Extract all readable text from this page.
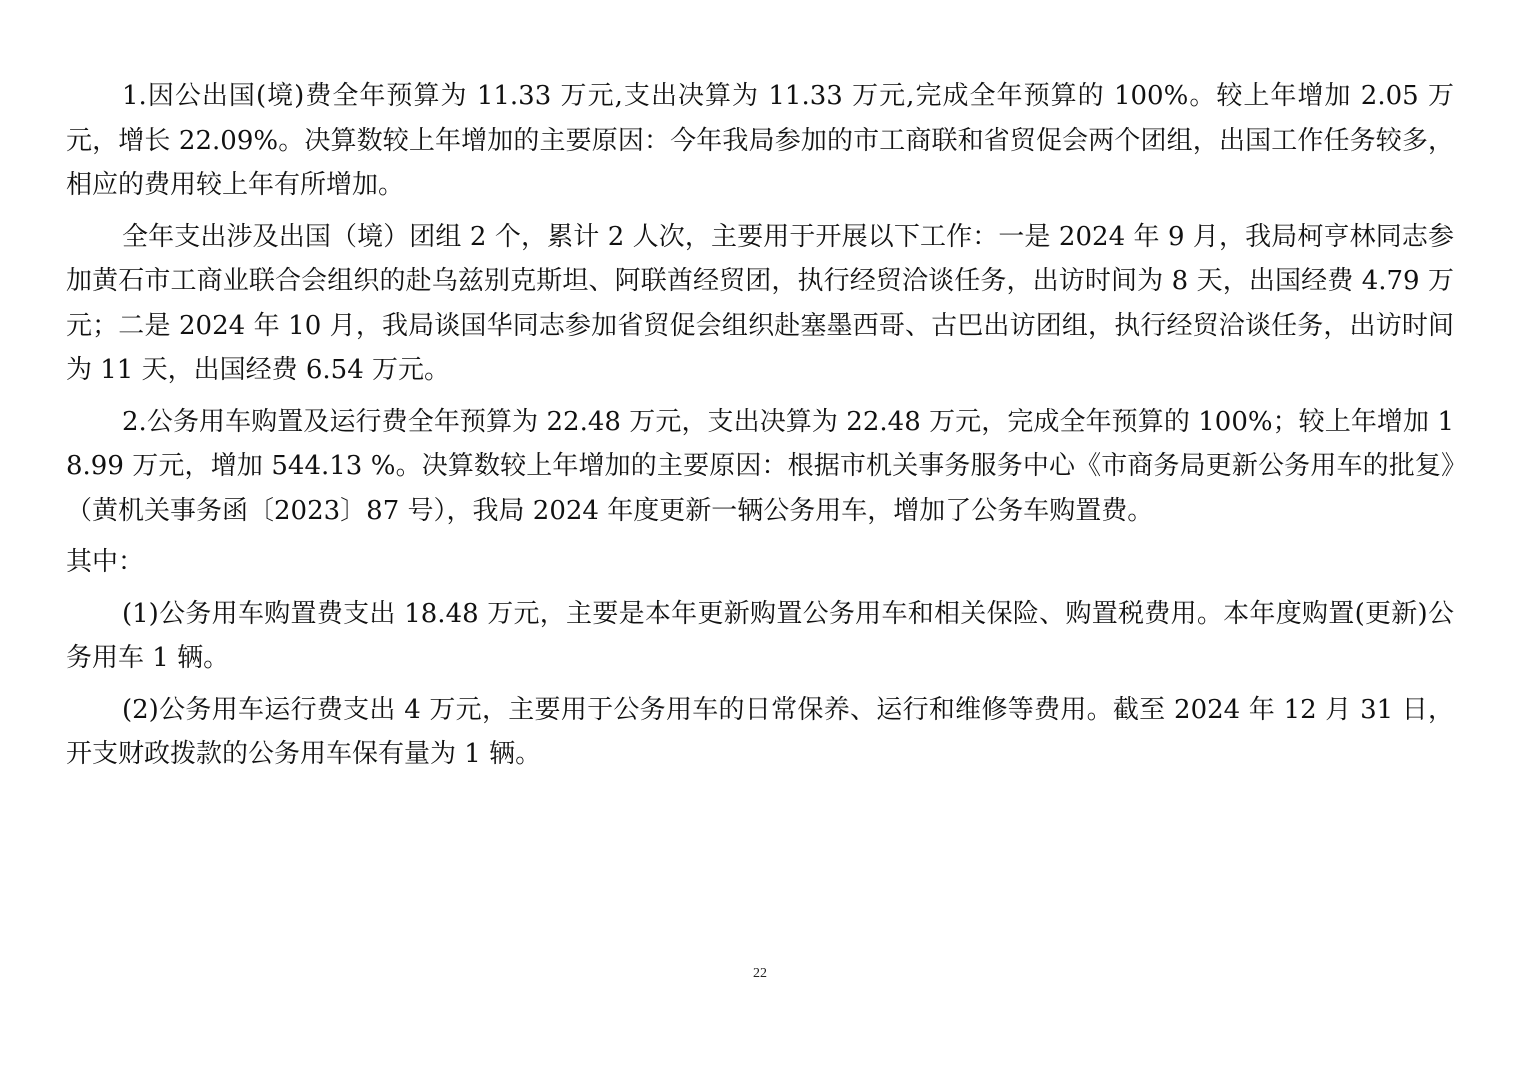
1.因公出国(境)费全年预算为 11.33 万元,支出决算为 11.33 万元,完成全年预算的 100%。较上年增加 2.05 万元，增长 22.09%。决算数较上年增加的主要原因：今年我局参加的市工商联和省贸促会两个团组，出国工作任务较多，相应的费用较上年有所增加。

全年支出涉及出国（境）团组 2 个，累计 2 人次，主要用于开展以下工作：一是 2024 年 9 月，我局柯亨林同志参加黄石市工商业联合会组织的赴乌兹别克斯坦、阿联酋经贸团，执行经贸洽谈任务，出访时间为 8 天，出国经费 4.79 万元；二是 2024 年 10 月，我局谈国华同志参加省贸促会组织赴塞墨西哥、古巴出访团组，执行经贸洽谈任务，出访时间为 11 天，出国经费 6.54 万元。

2.公务用车购置及运行费全年预算为 22.48 万元，支出决算为 22.48 万元，完成全年预算的 100%；较上年增加 18.99 万元，增加 544.13 %。决算数较上年增加的主要原因：根据市机关事务服务中心《市商务局更新公务用车的批复》（黄机关事务函〔2023〕87 号），我局 2024 年度更新一辆公务用车，增加了公务车购置费。

其中：

(1)公务用车购置费支出 18.48 万元，主要是本年更新购置公务用车和相关保险、购置税费用。本年度购置(更新)公务用车 1 辆。

(2)公务用车运行费支出 4 万元，主要用于公务用车的日常保养、运行和维修等费用。截至 2024 年 12 月 31 日，开支财政拨款的公务用车保有量为 1 辆。

22
